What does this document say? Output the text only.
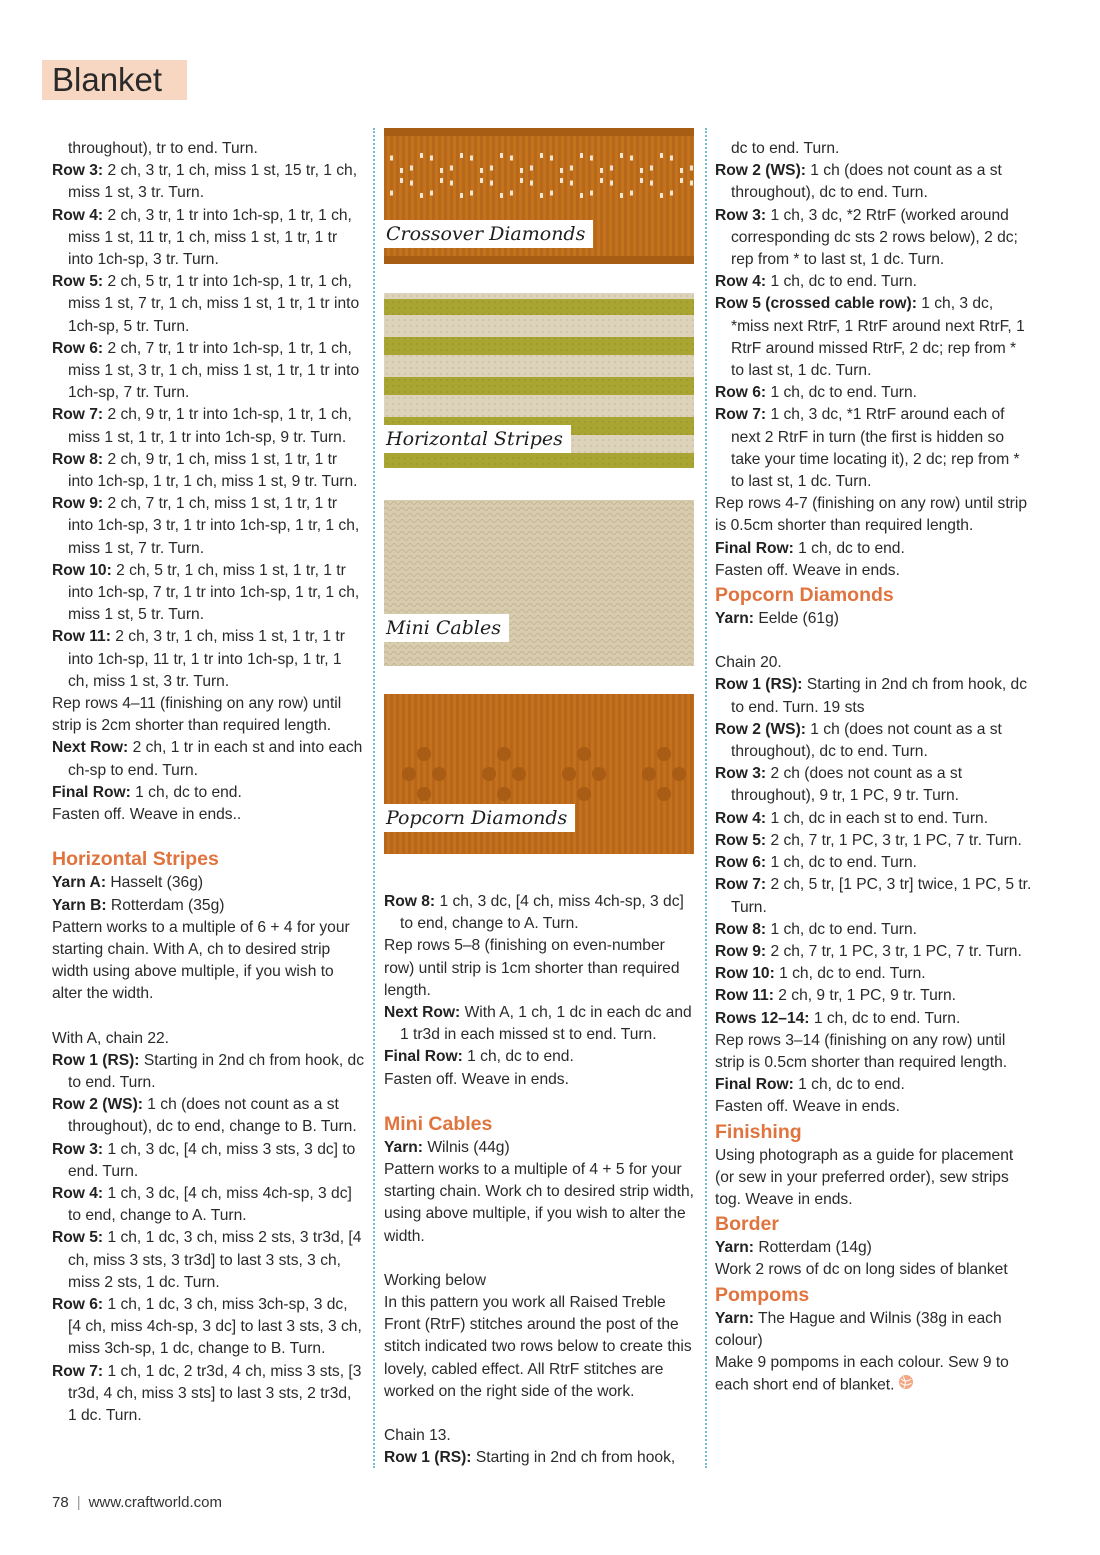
Blanket

throughout), tr to end. Turn.

Row 3: 2 ch, 3 tr, 1 ch, miss 1 st, 15 tr, 1 ch, miss 1 st, 3 tr. Turn.

Row 4: 2 ch, 3 tr, 1 tr into 1ch-sp, 1 tr, 1 ch, miss 1 st, 11 tr, 1 ch, miss 1 st, 1 tr, 1 tr into 1ch-sp, 3 tr. Turn.

Row 5: 2 ch, 5 tr, 1 tr into 1ch-sp, 1 tr, 1 ch, miss 1 st, 7 tr, 1 ch, miss 1 st, 1 tr, 1 tr into 1ch-sp, 5 tr. Turn.

Row 6: 2 ch, 7 tr, 1 tr into 1ch-sp, 1 tr, 1 ch, miss 1 st, 3 tr, 1 ch, miss 1 st, 1 tr, 1 tr into 1ch-sp, 7 tr. Turn.

Row 7: 2 ch, 9 tr, 1 tr into 1ch-sp, 1 tr, 1 ch, miss 1 st, 1 tr, 1 tr into 1ch-sp, 9 tr. Turn.

Row 8: 2 ch, 9 tr, 1 ch, miss 1 st, 1 tr, 1 tr into 1ch-sp, 1 tr, 1 ch, miss 1 st, 9 tr. Turn.

Row 9: 2 ch, 7 tr, 1 ch, miss 1 st, 1 tr, 1 tr into 1ch-sp, 3 tr, 1 tr into 1ch-sp, 1 tr, 1 ch, miss 1 st, 7 tr. Turn.

Row 10: 2 ch, 5 tr, 1 ch, miss 1 st, 1 tr, 1 tr into 1ch-sp, 7 tr, 1 tr into 1ch-sp, 1 tr, 1 ch, miss 1 st, 5 tr. Turn.

Row 11: 2 ch, 3 tr, 1 ch, miss 1 st, 1 tr, 1 tr into 1ch-sp, 11 tr, 1 tr into 1ch-sp, 1 tr, 1 ch, miss 1 st, 3 tr. Turn.

Rep rows 4–11 (finishing on any row) until strip is 2cm shorter than required length.

Next Row: 2 ch, 1 tr in each st and into each ch-sp to end. Turn.

Final Row: 1 ch, dc to end.

Fasten off. Weave in ends..

Horizontal Stripes

Yarn A: Hasselt (36g)

Yarn B: Rotterdam (35g)

Pattern works to a multiple of 6 + 4 for your starting chain. With A, ch to desired strip width using above multiple, if you wish to alter the width.

With A, chain 22.

Row 1 (RS): Starting in 2nd ch from hook, dc to end. Turn.

Row 2 (WS): 1 ch (does not count as a st throughout), dc to end, change to B. Turn.

Row 3: 1 ch, 3 dc, [4 ch, miss 3 sts, 3 dc] to end. Turn.

Row 4: 1 ch, 3 dc, [4 ch, miss 4ch-sp, 3 dc] to end, change to A. Turn.

Row 5: 1 ch, 1 dc, 3 ch, miss 2 sts, 3 tr3d, [4 ch, miss 3 sts, 3 tr3d] to last 3 sts, 3 ch, miss 2 sts, 1 dc. Turn.

Row 6: 1 ch, 1 dc, 3 ch, miss 3ch-sp, 3 dc, [4 ch, miss 4ch-sp, 3 dc] to last 3 sts, 3 ch, miss 3ch-sp, 1 dc, change to B. Turn.

Row 7: 1 ch, 1 dc, 2 tr3d, 4 ch, miss 3 sts, [3 tr3d, 4 ch, miss 3 sts] to last 3 sts, 2 tr3d, 1 dc. Turn.

Crossover Diamonds
Horizontal Stripes
Mini Cables
Popcorn Diamonds

Row 8: 1 ch, 3 dc, [4 ch, miss 4ch-sp, 3 dc] to end, change to A. Turn.

Rep rows 5–8 (finishing on even-number row) until strip is 1cm shorter than required length.

Next Row: With A, 1 ch, 1 dc in each dc and 1 tr3d in each missed st to end. Turn.

Final Row: 1 ch, dc to end.

Fasten off. Weave in ends.

Mini Cables

Yarn: Wilnis (44g)

Pattern works to a multiple of 4 + 5 for your starting chain. Work ch to desired strip width, using above multiple, if you wish to alter the width.

Working below

In this pattern you work all Raised Treble Front (RtrF) stitches around the post of the stitch indicated two rows below to create this lovely, cabled effect. All RtrF stitches are worked on the right side of the work.

Chain 13.

Row 1 (RS): Starting in 2nd ch from hook,

dc to end. Turn.

Row 2 (WS): 1 ch (does not count as a st throughout), dc to end. Turn.

Row 3: 1 ch, 3 dc, *2 RtrF (worked around corresponding dc sts 2 rows below), 2 dc; rep from * to last st, 1 dc. Turn.

Row 4: 1 ch, dc to end. Turn.

Row 5 (crossed cable row): 1 ch, 3 dc, *miss next RtrF, 1 RtrF around next RtrF, 1 RtrF around missed RtrF, 2 dc; rep from * to last st, 1 dc. Turn.

Row 6: 1 ch, dc to end. Turn.

Row 7: 1 ch, 3 dc, *1 RtrF around each of next 2 RtrF in turn (the first is hidden so take your time locating it), 2 dc; rep from * to last st, 1 dc. Turn.

Rep rows 4-7 (finishing on any row) until strip is 0.5cm shorter than required length.

Final Row: 1 ch, dc to end.

Fasten off. Weave in ends.

Popcorn Diamonds

Yarn: Eelde (61g)

Chain 20.

Row 1 (RS): Starting in 2nd ch from hook, dc to end. Turn. 19 sts

Row 2 (WS): 1 ch (does not count as a st throughout), dc to end. Turn.

Row 3: 2 ch (does not count as a st throughout), 9 tr, 1 PC, 9 tr. Turn.

Row 4: 1 ch, dc in each st to end. Turn.

Row 5: 2 ch, 7 tr, 1 PC, 3 tr, 1 PC, 7 tr. Turn.

Row 6: 1 ch, dc to end. Turn.

Row 7: 2 ch, 5 tr, [1 PC, 3 tr] twice, 1 PC, 5 tr. Turn.

Row 8: 1 ch, dc to end. Turn.

Row 9: 2 ch, 7 tr, 1 PC, 3 tr, 1 PC, 7 tr. Turn.

Row 10: 1 ch, dc to end. Turn.

Row 11: 2 ch, 9 tr, 1 PC, 9 tr. Turn.

Rows 12–14: 1 ch, dc to end. Turn.

Rep rows 3–14 (finishing on any row) until strip is 0.5cm shorter than required length.

Final Row: 1 ch, dc to end.

Fasten off. Weave in ends.

Finishing

Using photograph as a guide for placement (or sew in your preferred order), sew strips tog. Weave in ends.

Border

Yarn: Rotterdam (14g)

Work 2 rows of dc on long sides of blanket

Pompoms

Yarn: The Hague and Wilnis (38g in each colour)

Make 9 pompoms in each colour. Sew 9 to each short end of blanket.

78 | www.craftworld.com
